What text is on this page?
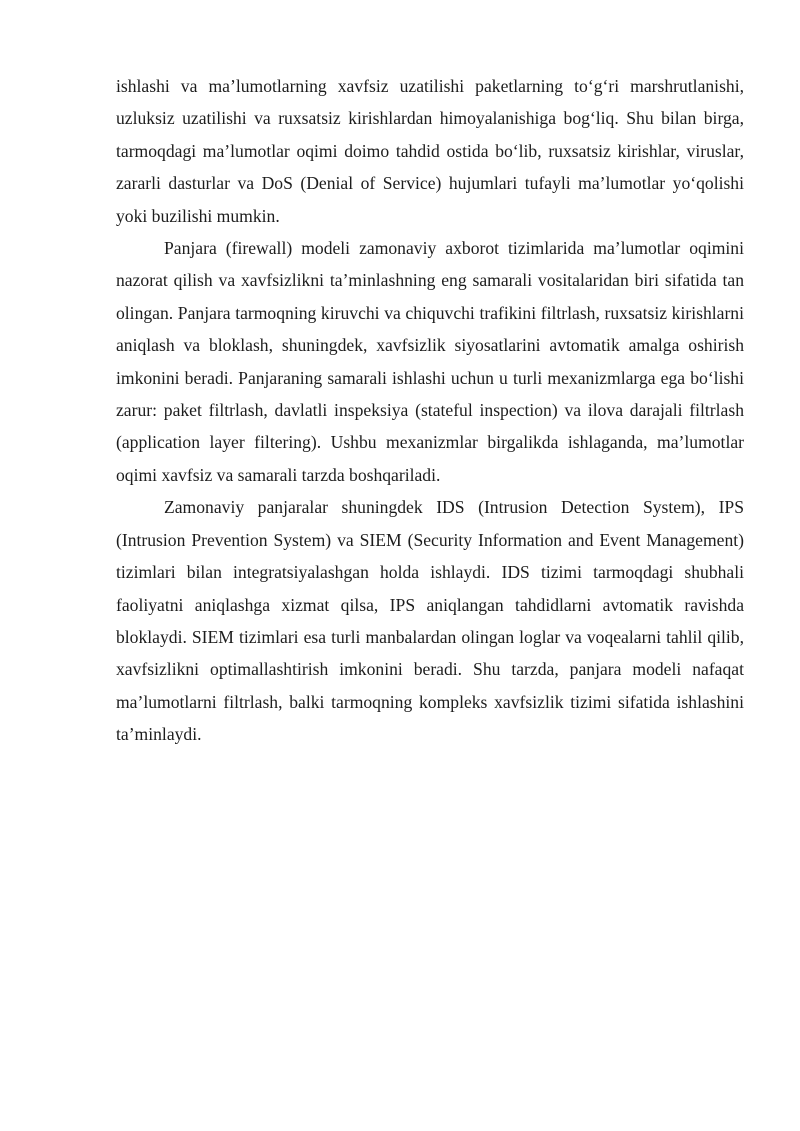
ishlashi va ma’lumotlarning xavfsiz uzatilishi paketlarning to‘g‘ri marshrutlanishi, uzluksiz uzatilishi va ruxsatsiz kirishlardan himoyalanishiga bog‘liq. Shu bilan birga, tarmoqdagi ma’lumotlar oqimi doimo tahdid ostida bo‘lib, ruxsatsiz kirishlar, viruslar, zararli dasturlar va DoS (Denial of Service) hujumlari tufayli ma’lumotlar yo‘qolishi yoki buzilishi mumkin.

Panjara (firewall) modeli zamonaviy axborot tizimlarida ma’lumotlar oqimini nazorat qilish va xavfsizlikni ta’minlashning eng samarali vositalaridan biri sifatida tan olingan. Panjara tarmoqning kiruvchi va chiquvchi trafikini filtrlash, ruxsatsiz kirishlarni aniqlash va bloklash, shuningdek, xavfsizlik siyosatlarini avtomatik amalga oshirish imkonini beradi. Panjaraning samarali ishlashi uchun u turli mexanizmlarga ega bo‘lishi zarur: paket filtrlash, davlatli inspeksiya (stateful inspection) va ilova darajali filtrlash (application layer filtering). Ushbu mexanizmlar birgalikda ishlaganda, ma’lumotlar oqimi xavfsiz va samarali tarzda boshqariladi.

Zamonaviy panjaralar shuningdek IDS (Intrusion Detection System), IPS (Intrusion Prevention System) va SIEM (Security Information and Event Management) tizimlari bilan integratsiyalashgan holda ishlaydi. IDS tizimi tarmoqdagi shubhali faoliyatni aniqlashga xizmat qilsa, IPS aniqlangan tahdidlarni avtomatik ravishda bloklaydi. SIEM tizimlari esa turli manbalardan olingan loglar va voqealarni tahlil qilib, xavfsizlikni optimallashtirish imkonini beradi. Shu tarzda, panjara modeli nafaqat ma’lumotlarni filtrlash, balki tarmoqning kompleks xavfsizlik tizimi sifatida ishlashini ta’minlaydi.
